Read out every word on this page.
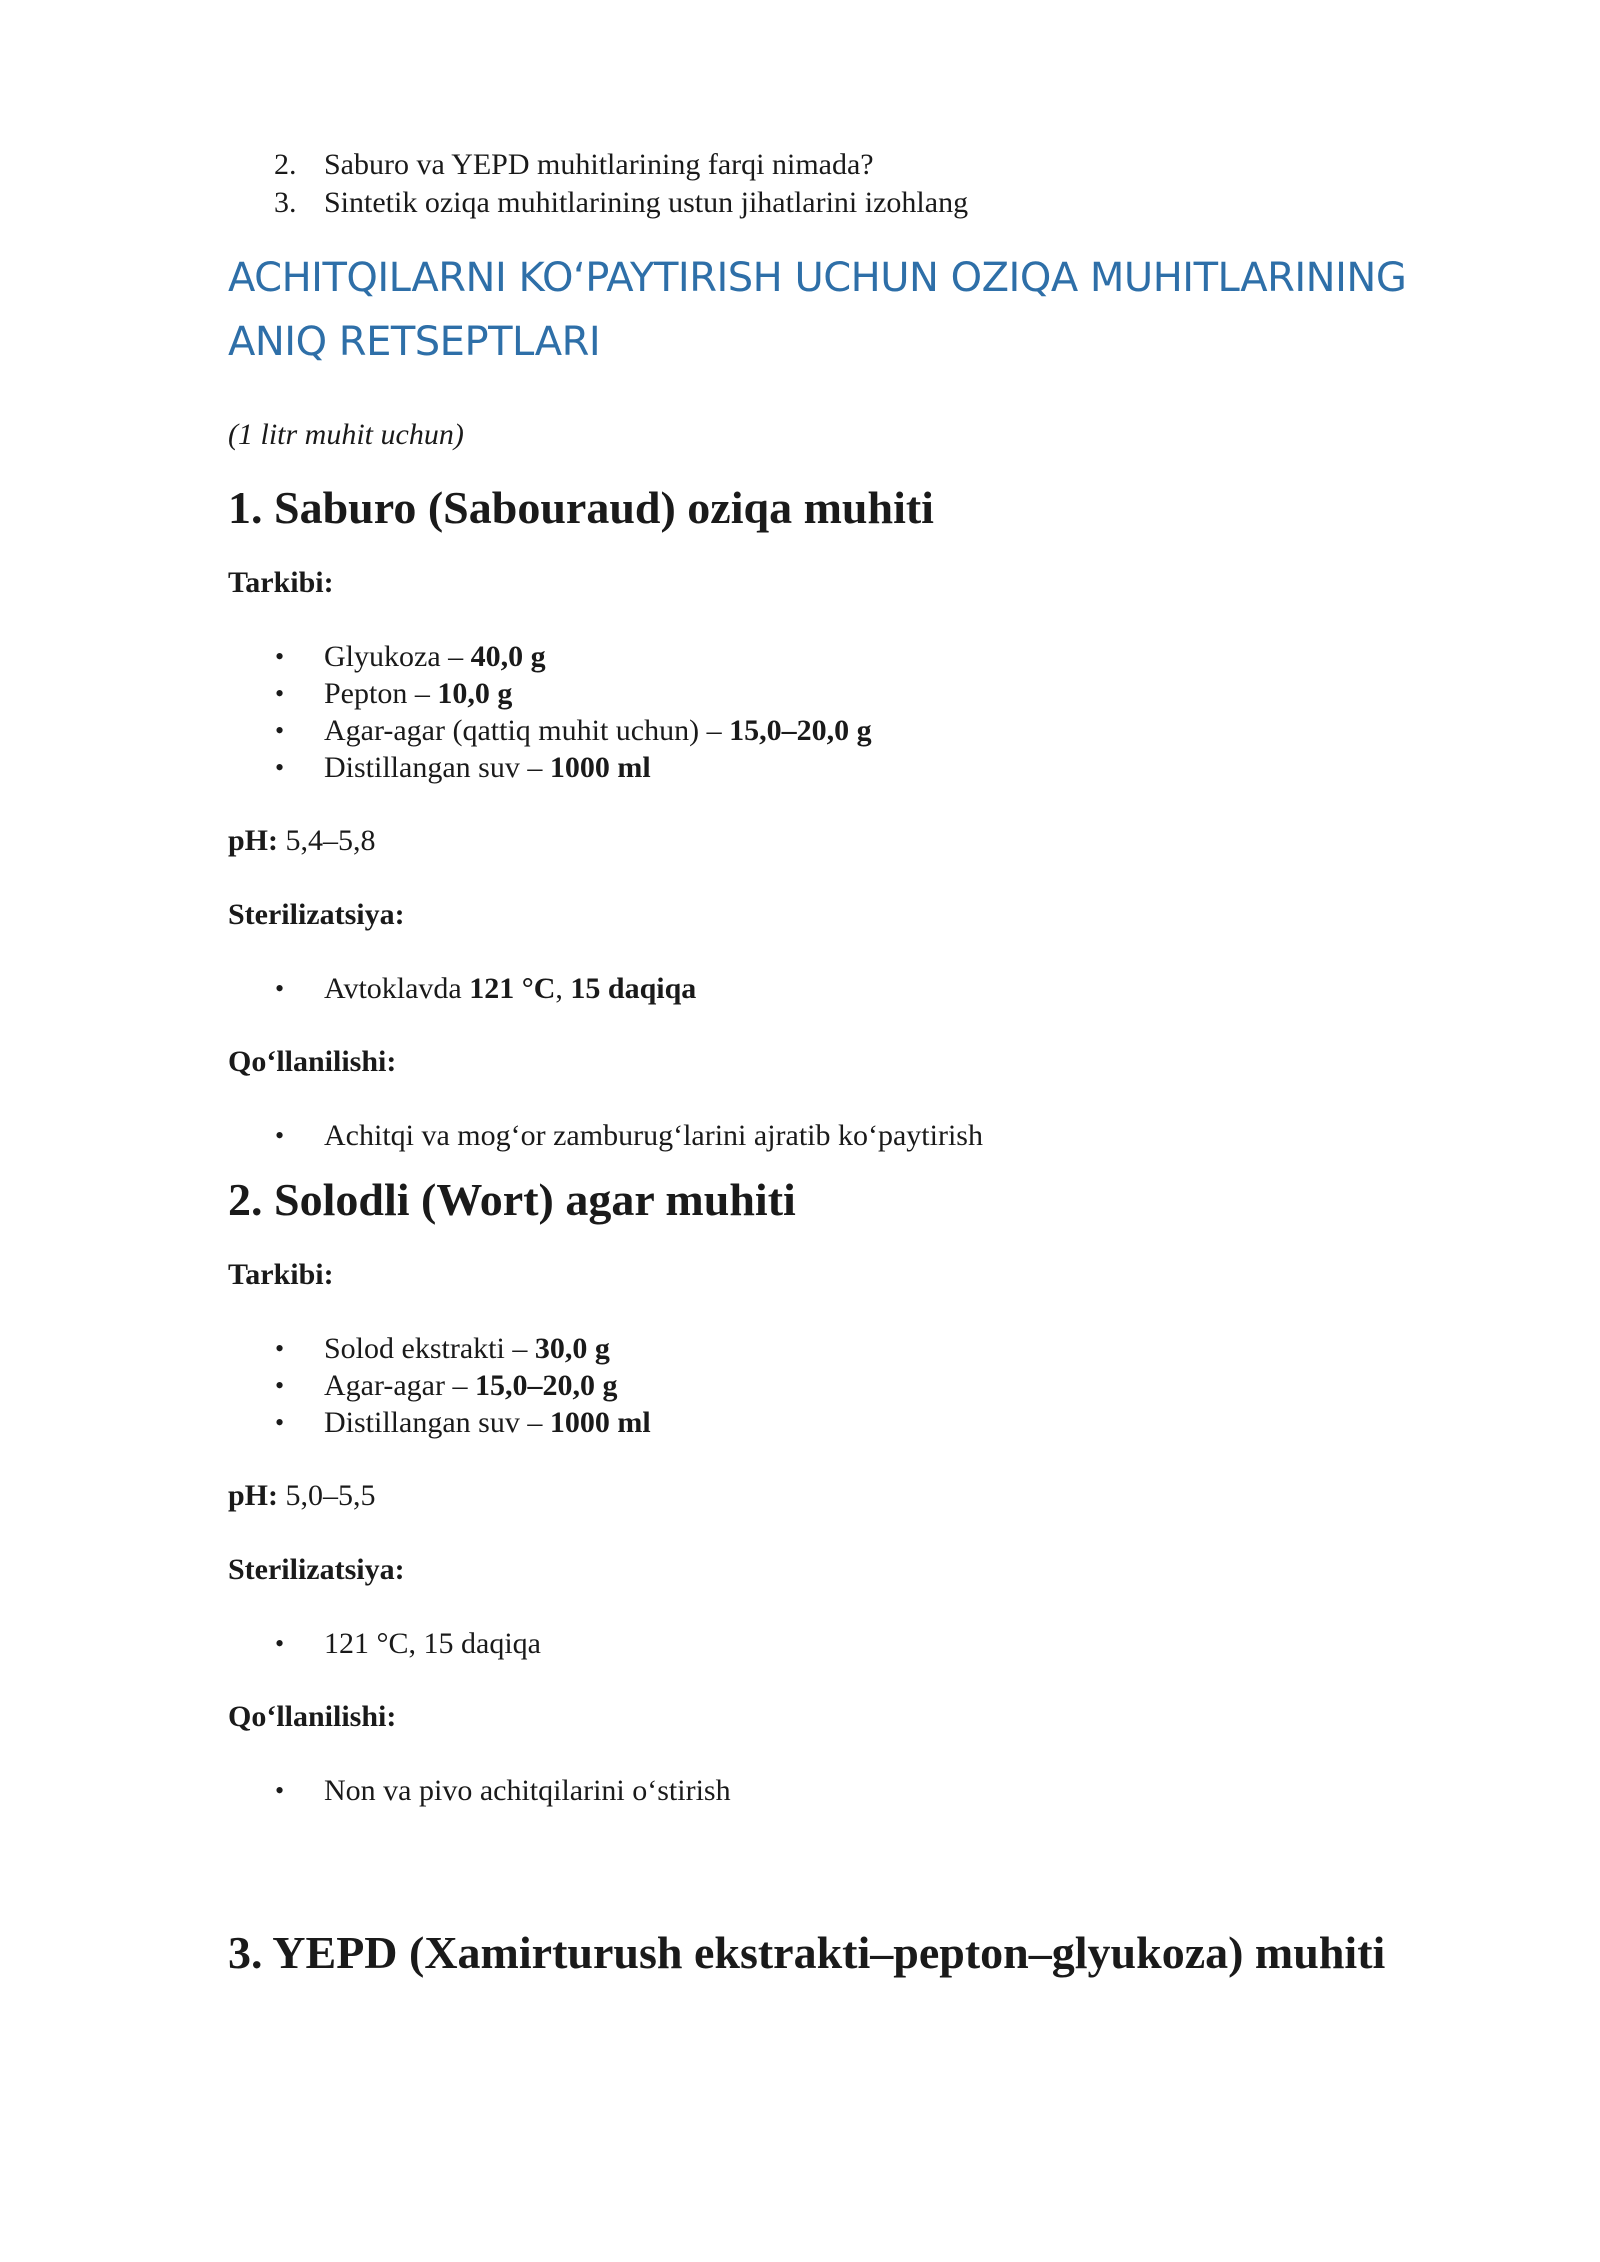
2. Saburo va YEPD muhitlarining farqi nimada?
3. Sintetik oziqa muhitlarining ustun jihatlarini izohlang
ACHITQILARNI KO‘PAYTIRISH UCHUN OZIQA MUHITLARINING
ANIQ RETSEPTLARI

(1 litr muhit uchun)

1. Saburo (Sabouraud) oziqa muhiti

Tarkibi:

• Glyukoza – 40,0 g
• Pepton – 10,0 g
• Agar-agar (qattiq muhit uchun) – 15,0–20,0 g
• Distillangan suv – 1000 ml

pH: 5,4–5,8

Sterilizatsiya:

• Avtoklavda 121 °C, 15 daqiqa

Qo‘llanilishi:

• Achitqi va mog‘or zamburug‘larini ajratib ko‘paytirish
2. Solodli (Wort) agar muhiti

Tarkibi:

• Solod ekstrakti – 30,0 g
• Agar-agar – 15,0–20,0 g
• Distillangan suv – 1000 ml

pH: 5,0–5,5

Sterilizatsiya:

• 121 °C, 15 daqiqa

Qo‘llanilishi:

• Non va pivo achitqilarini o‘stirish
3. YEPD (Xamirturush ekstrakti–pepton–glyukoza) muhiti
